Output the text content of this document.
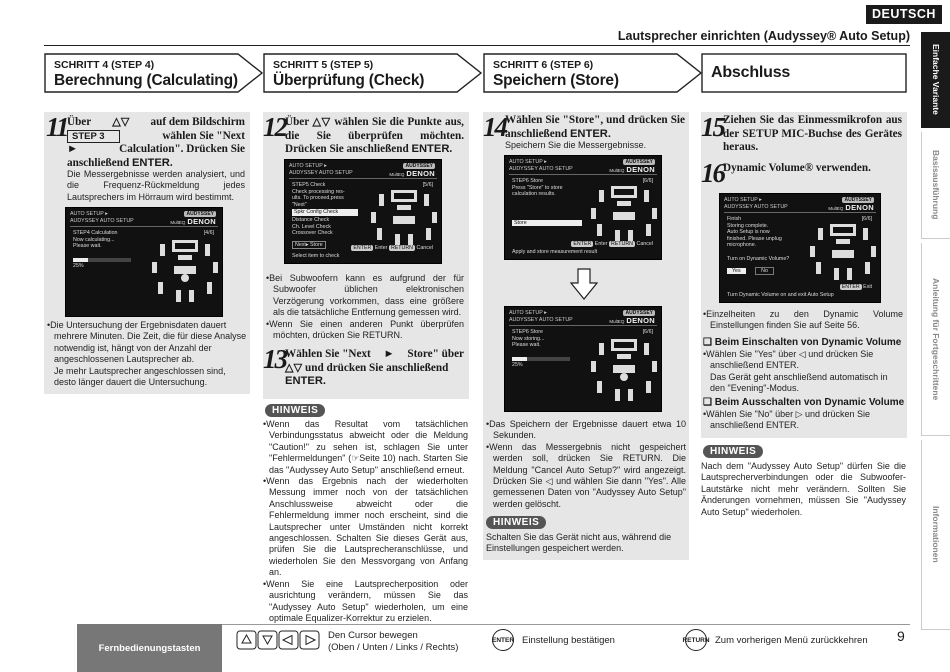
DEUTSCH
Lautsprecher einrichten (Audyssey® Auto Setup)
Einfache Variante
Basisausführung
Anleitung für Fortgeschrittene
Informationen
SCHRITT 4 (STEP 4)
Berechnung (Calculating)
SCHRITT 5 (STEP 5)
Überprüfung (Check)
SCHRITT 6 (STEP 6)
Speichern (Store)	Abschluss
11 Über △▽ auf dem Bildschirm
STEP 3	wählen Sie "Next
►	Calculation". Drücken Sie
anschließend ENTER.
Die Messergebnisse werden analysiert, und die Frequenz-Rückmeldung jedes Lautsprechers im Hörraum wird bestimmt.
AUTO SETUP ▸
AUDYSSEY AUTO SETUP
AUDYSSEY
MultEQ DENON
STEP4 Calculation
Now calculating...
Please wait.
[4/6]
25%
•Die Untersuchung der Ergebnisdaten dauert mehrere Minuten. Die Zeit, die für diese Analyse notwendig ist, hängt von der Anzahl der angeschlossenen Lautsprecher ab.
Je mehr Lautsprecher angeschlossen sind, desto länger dauert die Untersuchung.
12 Über △▽ wählen Sie die Punkte aus, die Sie überprüfen möchten. Drücken Sie anschließend ENTER.
AUTO SETUP ▸
AUDYSSEY AUTO SETUP
AUDYSSEY
MultEQ DENON
STEP5 Check
Check processing res-
ults. To proceed,press
"Next"
Spkr Config Check
Distance Check
Ch. Level Check
Crossover Check
Next▸ Store
[5/6]
ENTER Enter RETURN Cancel
Select item to check
•Bei Subwoofern kann es aufgrund der für Subwoofer üblichen elektronischen Verzögerung vorkommen, dass eine größere als die tatsächliche Entfernung gemessen wird.
•Wenn Sie einen anderen Punkt überprüfen möchten, drücken Sie RETURN.
13 Wählen Sie "Next ► Store" über
△▽ und drücken Sie anschließend
ENTER.
HINWEIS
•Wenn das Resultat vom tatsächlichen Verbindungsstatus abweicht oder die Meldung "Caution!" zu sehen ist, schlagen Sie unter "Fehlermeldungen" (☞Seite 10) nach. Starten Sie das "Audyssey Auto Setup" anschließend erneut.
•Wenn das Ergebnis nach der wiederholten Messung immer noch von der tatsächlichen Anschlussweise abweicht oder die Fehlermeldung immer noch erscheint, sind die Lautsprecher unter Umständen nicht korrekt angeschlossen. Schalten Sie dieses Gerät aus, prüfen Sie die Lautsprecheranschlüsse, und wiederholen Sie den Messvorgang von Anfang an.
•Wenn Sie eine Lautsprecherposition oder ausrichtung verändern, müssen Sie das "Audyssey Auto Setup" wiederholen, um eine optimale Equalizer-Korrektur zu erzielen.
14 Wählen Sie "Store", und drücken Sie anschließend ENTER.
Speichern Sie die Messergebnisse.
AUTO SETUP ▸
AUDYSSEY AUTO SETUP
AUDYSSEY
MultEQ DENON
STEP6 Store
Press "Store" to store
calculation results.
Store
[6/6]
ENTER Enter RETURN Cancel
Apply and store measurement result
AUTO SETUP ▸
AUDYSSEY AUTO SETUP
AUDYSSEY
MultEQ DENON
STEP6 Store
Now storing...
Please wait.
[6/6]
25%
•Das Speichern der Ergebnisse dauert etwa 10 Sekunden.
•Wenn das Messergebnis nicht gespeichert werden soll, drücken Sie RETURN. Die Meldung "Cancel Auto Setup?" wird angezeigt. Drücken Sie ◁ und wählen Sie dann "Yes". Alle gemessenen Daten von "Audyssey Auto Setup" werden gelöscht.
HINWEIS
Schalten Sie das Gerät nicht aus, während die Einstellungen gespeichert werden.
15 Ziehen Sie das Einmessmikrofon aus der SETUP MIC-Buchse des Gerätes heraus.
16 Dynamic Volume® verwenden.
AUTO SETUP ▸
AUDYSSEY AUTO SETUP
AUDYSSEY
MultEQ DENON
Finish
Storing complete.
Auto Setup is now
finished. Please unplug
microphone.
Turn on Dynamic Volume?
Yes	No
[6/6]
ENTER Exit
Turn Dynamic Volume on and exit Auto Setup
•Einzelheiten zu den Dynamic Volume Einstellungen finden Sie auf Seite 56.
❑ Beim Einschalten von Dynamic Volume
•Wählen Sie "Yes" über ◁ und drücken Sie anschließend ENTER.
Das Gerät geht anschließend automatisch in den "Evening"-Modus.
❑ Beim Ausschalten von Dynamic Volume
•Wählen Sie "No" über ▷ und drücken Sie anschließend ENTER.
HINWEIS
Nach dem "Audyssey Auto Setup" dürfen Sie die Lautsprecherverbindungen oder die Subwoofer-Lautstärke nicht mehr verändern. Sollten Sie Änderungen vornehmen, müssen Sie "Audyssey Auto Setup" wiederholen.
Fernbedienungstasten
Den Cursor bewegen
(Oben / Unten / Links / Rechts)
ENTER Einstellung bestätigen	RETURN Zum vorherigen Menü zurückkehren 9
